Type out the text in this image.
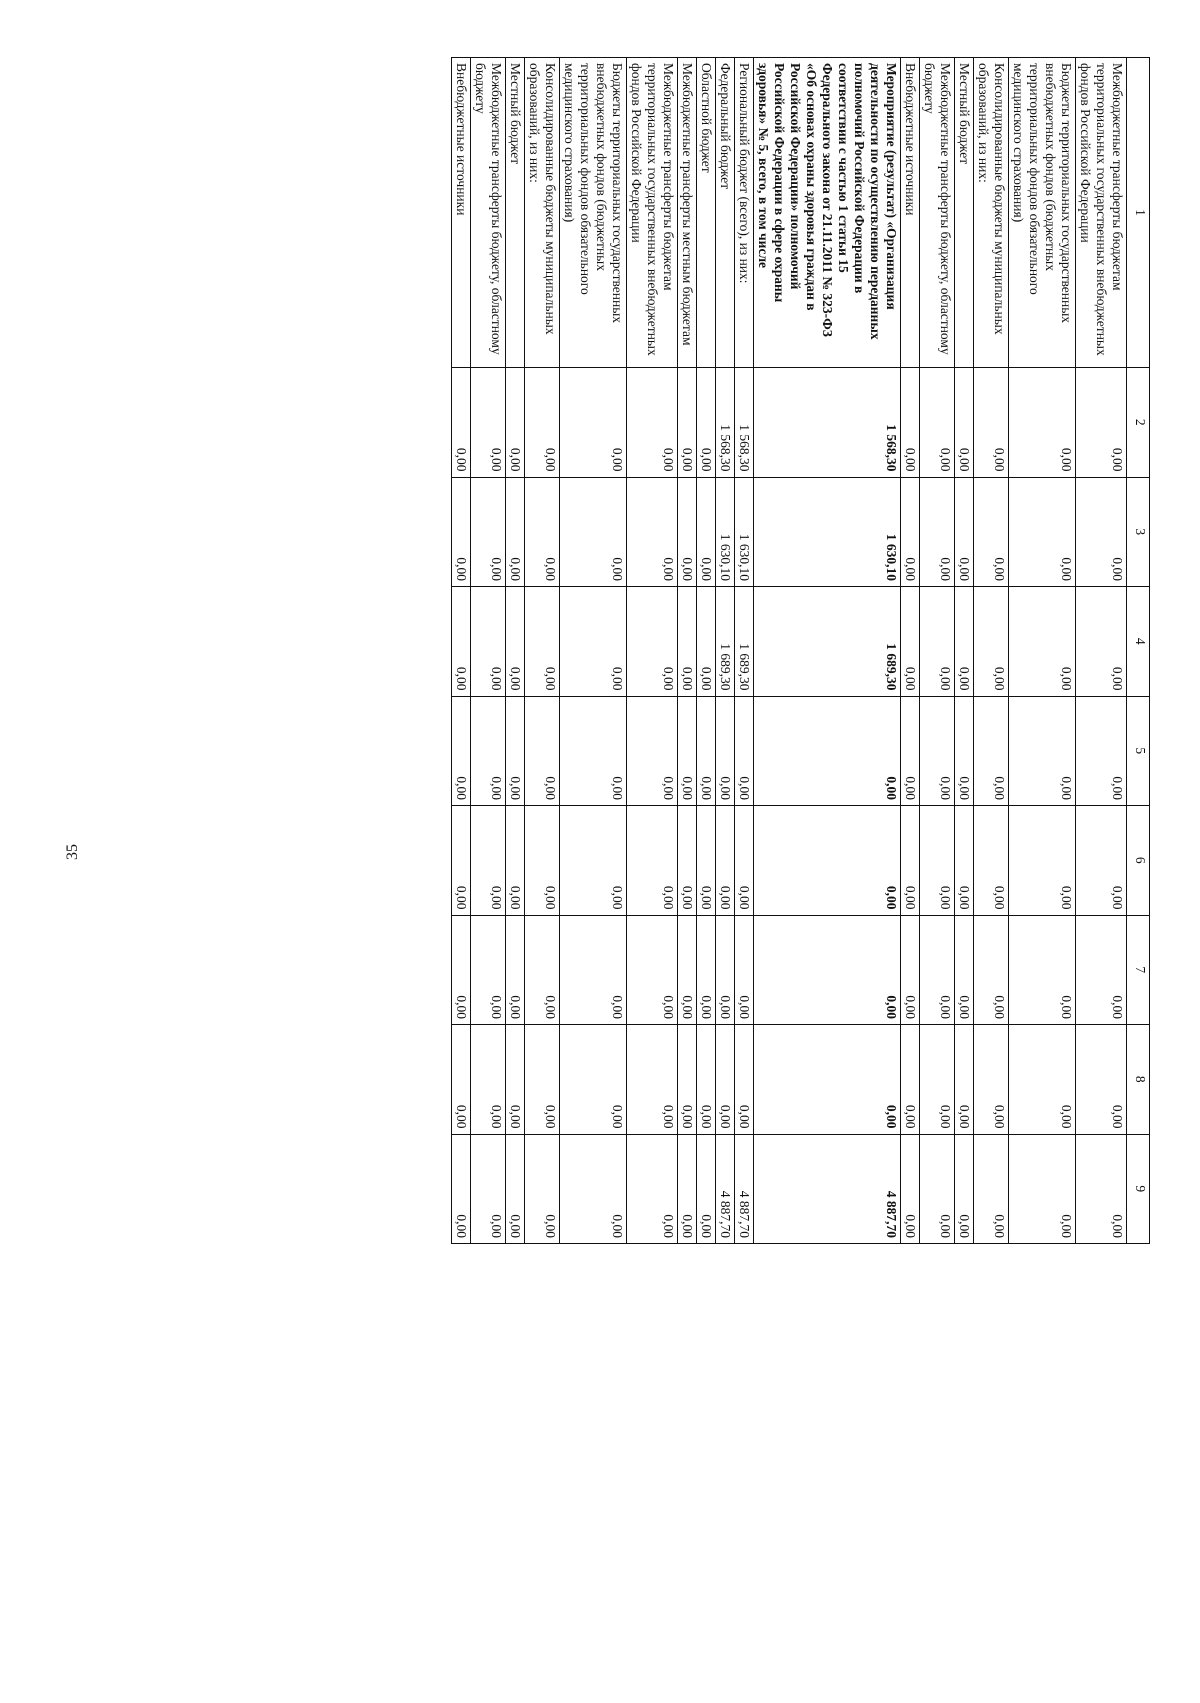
35
1	2	3	4	5	6	7	8	9
Межбюджетные трансферты бюджетам территориальных государственных внебюджетных фондов Российской Федерации	0,00	0,00	0,00	0,00	0,00	0,00	0,00	0,00
Бюджеты территориальных государственных внебюджетных фондов (бюджетных территориальных фондов обязательного медицинского страхования)	0,00	0,00	0,00	0,00	0,00	0,00	0,00	0,00
Консолидированные бюджеты муниципальных образований, из них:	0,00	0,00	0,00	0,00	0,00	0,00	0,00	0,00
Местный бюджет	0,00	0,00	0,00	0,00	0,00	0,00	0,00	0,00
Межбюджетные трансферты бюджету, областному бюджету	0,00	0,00	0,00	0,00	0,00	0,00	0,00	0,00
Внебюджетные источники	0,00	0,00	0,00	0,00	0,00	0,00	0,00	0,00
Мероприятие (результат) «Организация деятельности по осуществлению переданных полномочий Российской Федерации в соответствии с частью 1 статьи 15 Федерального закона от 21.11.2011 № 323-ФЗ «Об основах охраны здоровья граждан в Российской Федерации» полномочий Российской Федерации в сфере охраны здоровья» № 5, всего, в том числе	1 568,30	1 630,10	1 689,30	0,00	0,00	0,00	0,00	4 887,70
Региональный бюджет (всего), из них:	1 568,30	1 630,10	1 689,30	0,00	0,00	0,00	0,00	4 887,70
Федеральный бюджет	1 568,30	1 630,10	1 689,30	0,00	0,00	0,00	0,00	4 887,70
Областной бюджет	0,00	0,00	0,00	0,00	0,00	0,00	0,00	0,00
Межбюджетные трансферты местным бюджетам	0,00	0,00	0,00	0,00	0,00	0,00	0,00	0,00
Межбюджетные трансферты бюджетам территориальных государственных внебюджетных фондов Российской Федерации	0,00	0,00	0,00	0,00	0,00	0,00	0,00	0,00
Бюджеты территориальных государственных внебюджетных фондов (бюджетных территориальных фондов обязательного медицинского страхования)	0,00	0,00	0,00	0,00	0,00	0,00	0,00	0,00
Консолидированные бюджеты муниципальных образований, из них:	0,00	0,00	0,00	0,00	0,00	0,00	0,00	0,00
Местный бюджет	0,00	0,00	0,00	0,00	0,00	0,00	0,00	0,00
Межбюджетные трансферты бюджету, областному бюджету	0,00	0,00	0,00	0,00	0,00	0,00	0,00	0,00
Внебюджетные источники	0,00	0,00	0,00	0,00	0,00	0,00	0,00	0,00
